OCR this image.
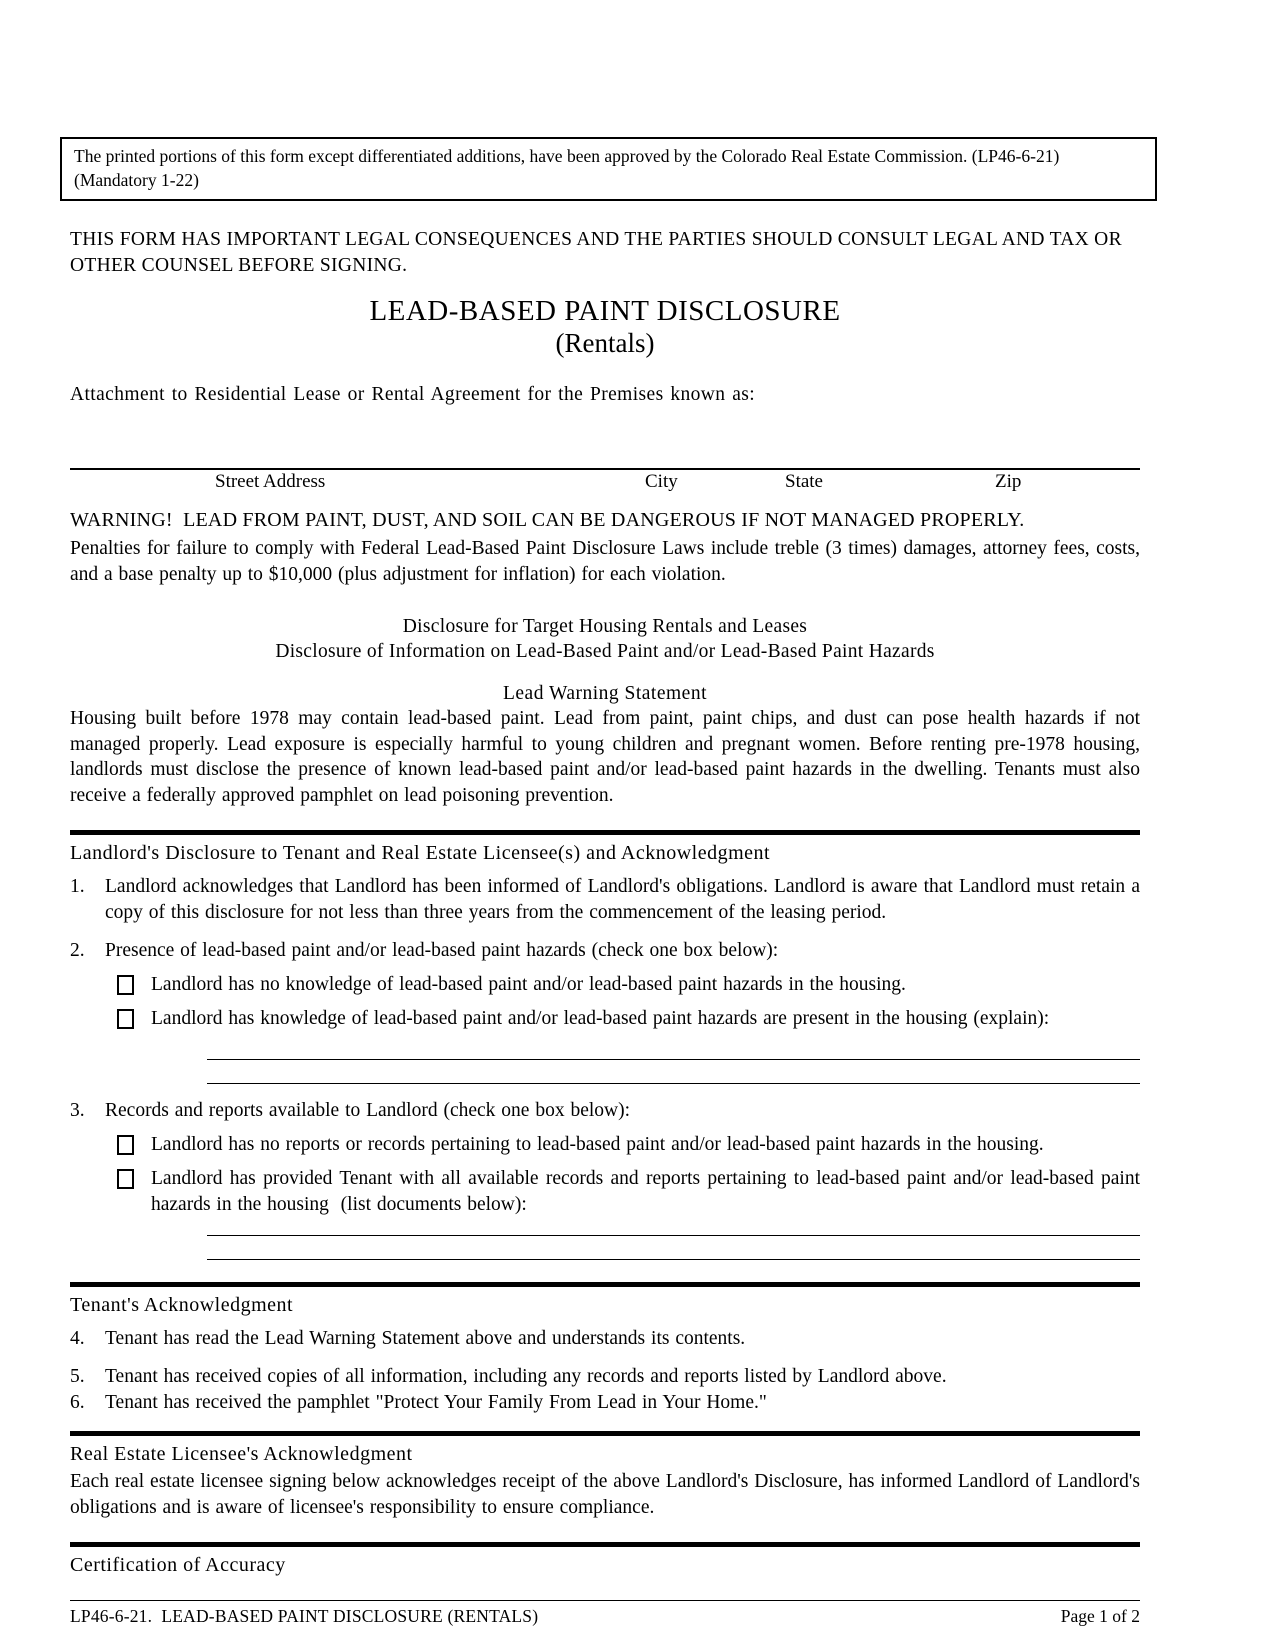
The printed portions of this form except differentiated additions, have been approved by the Colorado Real Estate Commission. (LP46-6-21)
(Mandatory 1-22)
THIS FORM HAS IMPORTANT LEGAL CONSEQUENCES AND THE PARTIES SHOULD CONSULT LEGAL AND TAX OR OTHER COUNSEL BEFORE SIGNING.
LEAD-BASED PAINT DISCLOSURE
(Rentals)
Attachment to Residential Lease or Rental Agreement for the Premises known as:
Street Address	City	State	Zip
WARNING!  LEAD FROM PAINT, DUST, AND SOIL CAN BE DANGEROUS IF NOT MANAGED PROPERLY.
Penalties for failure to comply with Federal Lead-Based Paint Disclosure Laws include treble (3 times) damages, attorney fees, costs, and a base penalty up to $10,000 (plus adjustment for inflation) for each violation.
Disclosure for Target Housing Rentals and Leases
Disclosure of Information on Lead-Based Paint and/or Lead-Based Paint Hazards
Lead Warning Statement
Housing built before 1978 may contain lead-based paint. Lead from paint, paint chips, and dust can pose health hazards if not managed properly. Lead exposure is especially harmful to young children and pregnant women. Before renting pre-1978 housing, landlords must disclose the presence of known lead-based paint and/or lead-based paint hazards in the dwelling. Tenants must also receive a federally approved pamphlet on lead poisoning prevention.
Landlord's Disclosure to Tenant and Real Estate Licensee(s) and Acknowledgment
1.	Landlord acknowledges that Landlord has been informed of Landlord's obligations. Landlord is aware that Landlord must retain a copy of this disclosure for not less than three years from the commencement of the leasing period.
2.	Presence of lead-based paint and/or lead-based paint hazards (check one box below):
Landlord has no knowledge of lead-based paint and/or lead-based paint hazards in the housing.
Landlord has knowledge of lead-based paint and/or lead-based paint hazards are present in the housing (explain):
3.	Records and reports available to Landlord (check one box below):
Landlord has no reports or records pertaining to lead-based paint and/or lead-based paint hazards in the housing.
Landlord has provided Tenant with all available records and reports pertaining to lead-based paint and/or lead-based paint hazards in the housing  (list documents below):
Tenant's Acknowledgment
4.	Tenant has read the Lead Warning Statement above and understands its contents.
5.	Tenant has received copies of all information, including any records and reports listed by Landlord above.
6.	Tenant has received the pamphlet "Protect Your Family From Lead in Your Home."
Real Estate Licensee's Acknowledgment
Each real estate licensee signing below acknowledges receipt of the above Landlord's Disclosure, has informed Landlord of Landlord's obligations and is aware of licensee's responsibility to ensure compliance.
Certification of Accuracy
LP46-6-21.  LEAD-BASED PAINT DISCLOSURE (RENTALS)	Page 1 of 2
